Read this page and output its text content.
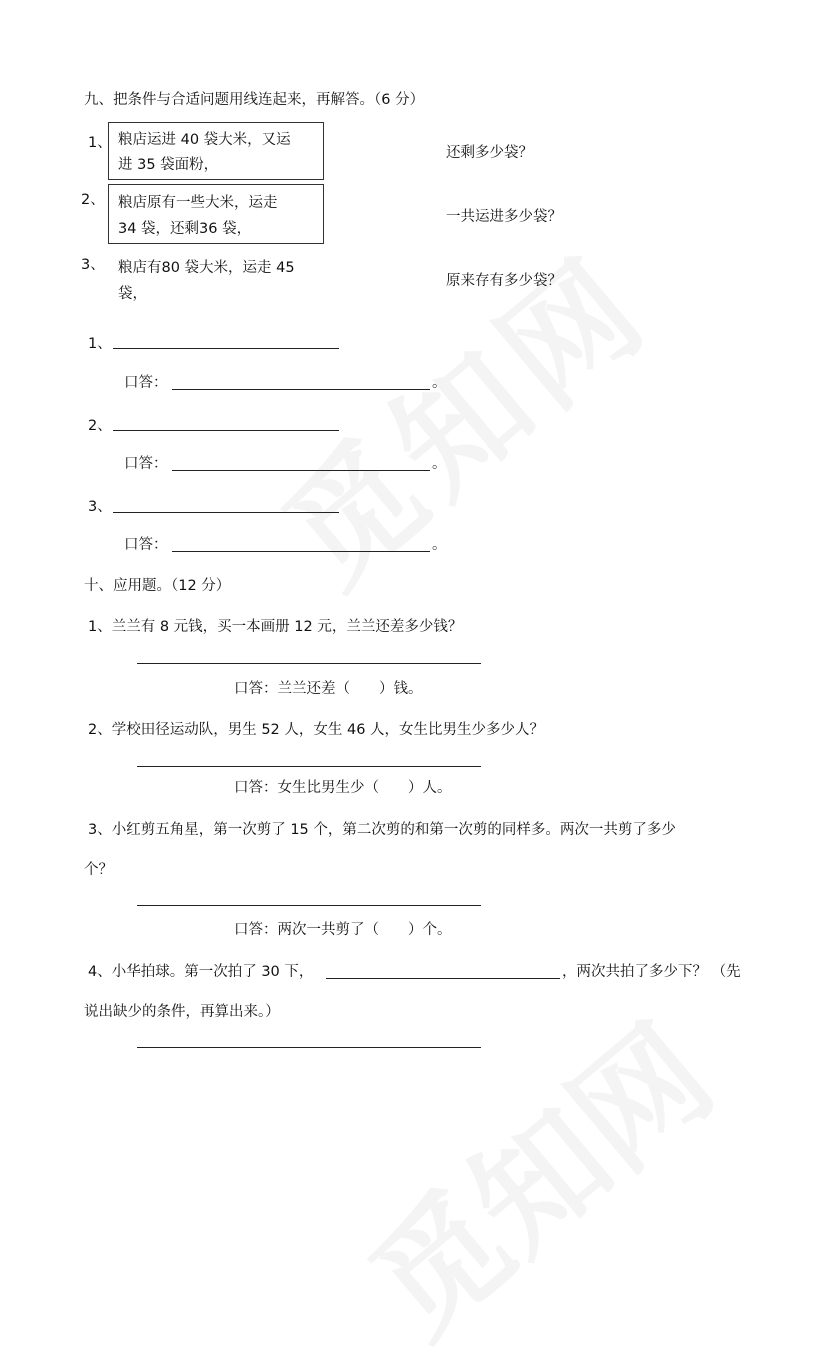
九、把条件与合适问题用线连起来，再解答。（6 分）
1、 粮店运进 40 袋大米，又运
进 35 袋面粉，
2、 粮店原有一些大米，运走
34 袋，还剩36 袋，
3、 粮店有80 袋大米，运走 45
袋，
还剩多少袋？
一共运进多少袋？
原来存有多少袋？
1、
口答：	。
2、
口答：	。
3、
口答：	。
十、应用题。（12 分）
1、兰兰有 8 元钱，买一本画册 12 元，兰兰还差多少钱？
口答：兰兰还差（　　）钱。
2、学校田径运动队，男生 52 人，女生 46 人，女生比男生少多少人？
口答：女生比男生少（　　）人。
3、小红剪五角星，第一次剪了 15 个，第二次剪的和第一次剪的同样多。两次一共剪了多少
个？
口答：两次一共剪了（　　）个。
4、小华拍球。第一次拍了 30 下，	，两次共拍了多少下？ （先
说出缺少的条件，再算出来。）
